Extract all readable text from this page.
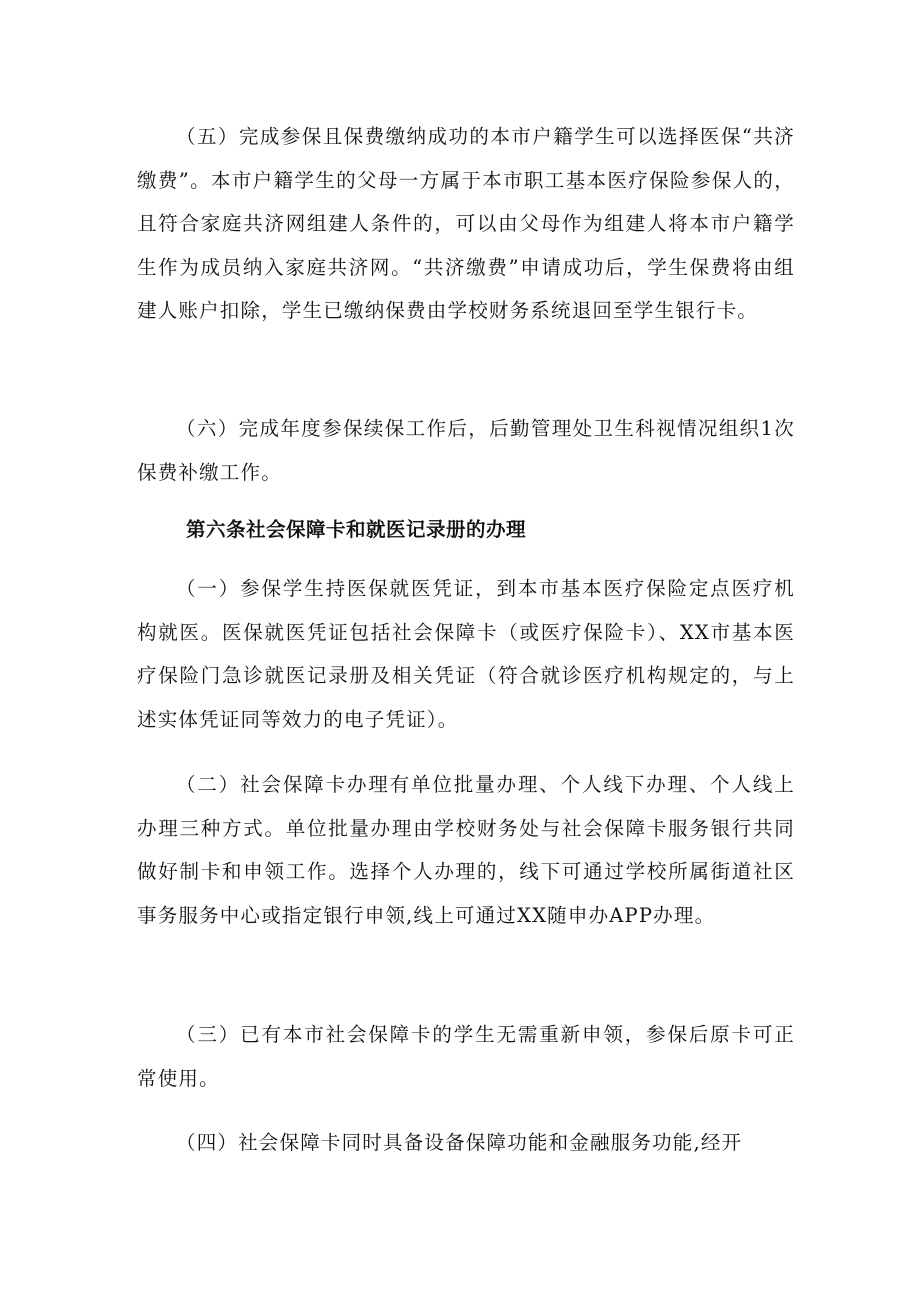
（五）完成参保且保费缴纳成功的本市户籍学生可以选择医保“共济缴费”。本市户籍学生的父母一方属于本市职工基本医疗保险参保人的，且符合家庭共济网组建人条件的，可以由父母作为组建人将本市户籍学生作为成员纳入家庭共济网。“共济缴费”申请成功后，学生保费将由组建人账户扣除，学生已缴纳保费由学校财务系统退回至学生银行卡。

（六）完成年度参保续保工作后，后勤管理处卫生科视情况组织1次保费补缴工作。

第六条社会保障卡和就医记录册的办理

（一）参保学生持医保就医凭证，到本市基本医疗保险定点医疗机构就医。医保就医凭证包括社会保障卡（或医疗保险卡）、XX市基本医疗保险门急诊就医记录册及相关凭证（符合就诊医疗机构规定的，与上述实体凭证同等效力的电子凭证）。

（二）社会保障卡办理有单位批量办理、个人线下办理、个人线上办理三种方式。单位批量办理由学校财务处与社会保障卡服务银行共同做好制卡和申领工作。选择个人办理的，线下可通过学校所属街道社区事务服务中心或指定银行申领,线上可通过XX随申办APP办理。

（三）已有本市社会保障卡的学生无需重新申领，参保后原卡可正常使用。

（四）社会保障卡同时具备设备保障功能和金融服务功能,经开
